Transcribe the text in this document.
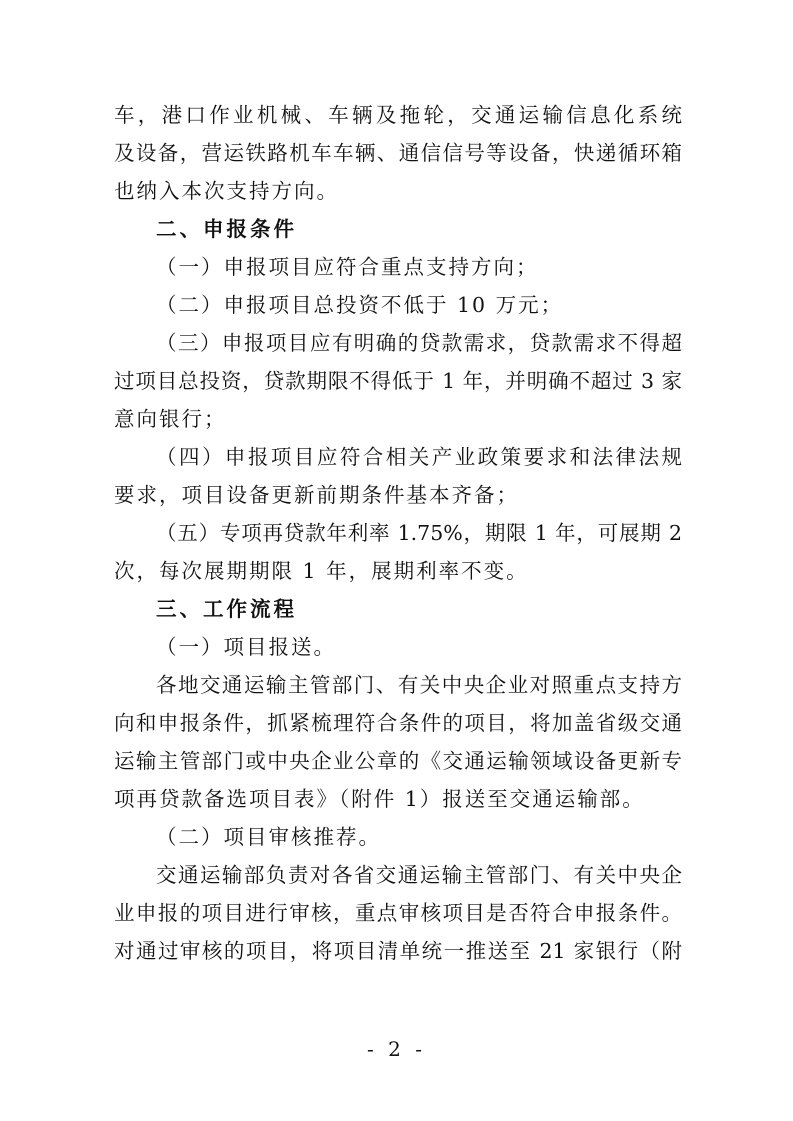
车，港口作业机械、车辆及拖轮，交通运输信息化系统
及设备，营运铁路机车车辆、通信信号等设备，快递循环箱
也纳入本次支持方向。
二、申报条件
（一）申报项目应符合重点支持方向；
（二）申报项目总投资不低于 10 万元；
（三）申报项目应有明确的贷款需求，贷款需求不得超
过项目总投资，贷款期限不得低于 1 年，并明确不超过 3 家
意向银行；
（四）申报项目应符合相关产业政策要求和法律法规
要求，项目设备更新前期条件基本齐备；
（五）专项再贷款年利率 1.75%，期限 1 年，可展期 2
次，每次展期期限 1 年，展期利率不变。
三、工作流程
（一）项目报送。
各地交通运输主管部门、有关中央企业对照重点支持方
向和申报条件，抓紧梳理符合条件的项目，将加盖省级交通
运输主管部门或中央企业公章的《交通运输领域设备更新专
项再贷款备选项目表》（附件 1）报送至交通运输部。
（二）项目审核推荐。
交通运输部负责对各省交通运输主管部门、有关中央企
业申报的项目进行审核，重点审核项目是否符合申报条件。
对通过审核的项目，将项目清单统一推送至 21 家银行（附
- 2 -
